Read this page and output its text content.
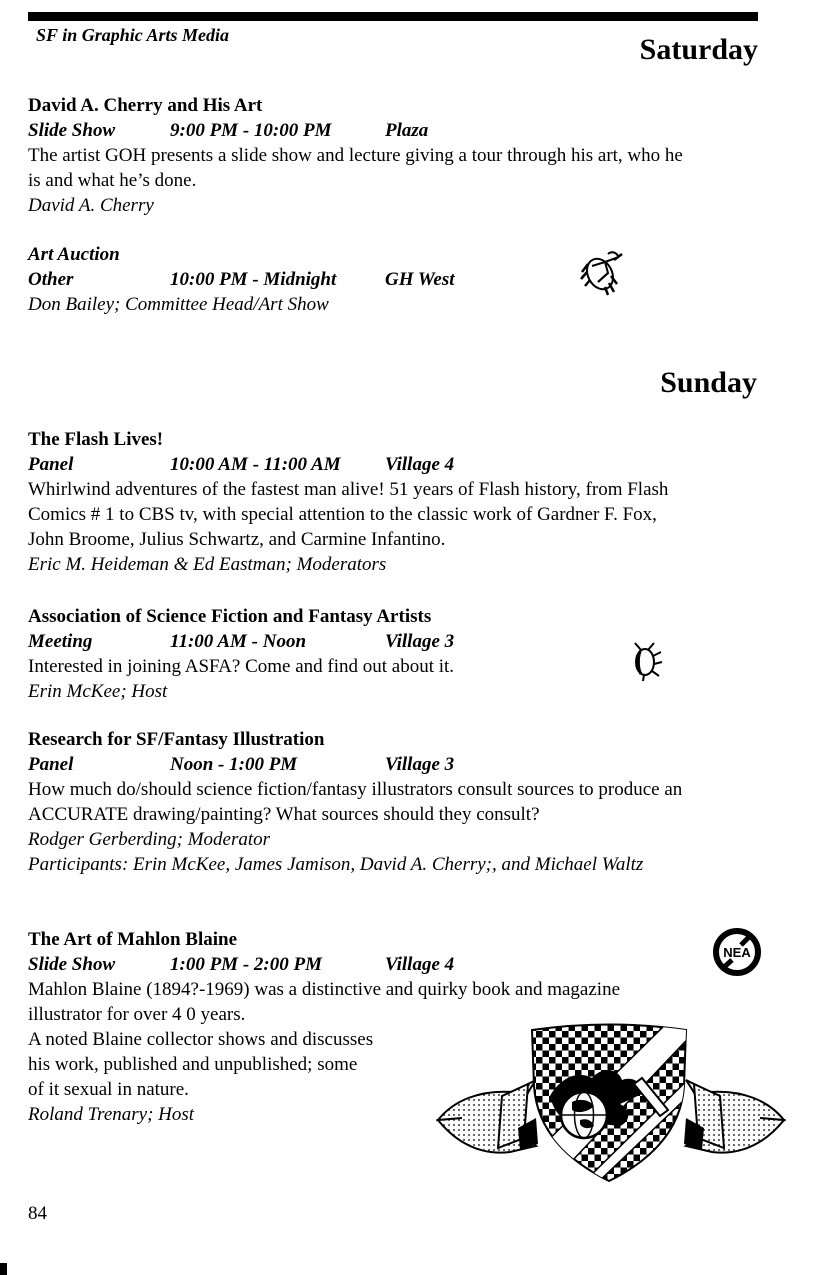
SF in Graphic Arts Media	Saturday
David A. Cherry and His Art
Slide Show	9:00 PM - 10:00 PM	Plaza
The artist GOH presents a slide show and lecture giving a tour through his art, who he
is and what he’s done.
David A. Cherry
Art Auction
Other	10:00 PM - Midnight	GH West
Don Bailey; Committee Head/Art Show
Sunday
The Flash Lives!
Panel	10:00 AM - 11:00 AM Village 4
Whirlwind adventures of the fastest man alive! 51 years of Flash history, from Flash
Comics # 1 to CBS tv, with special attention to the classic work of Gardner F. Fox,
John Broome, Julius Schwartz, and Carmine Infantino.
Eric M. Heideman & Ed Eastman; Moderators
Association of Science Fiction and Fantasy Artists
Meeting	11:00 AM - Noon	Village 3
Interested in joining ASFA? Come and find out about it.
Erin McKee; Host
Research for SF/Fantasy Illustration
Panel	Noon - 1:00 PM	Village 3
How much do/should science fiction/fantasy illustrators consult sources to produce an
ACCURATE drawing/painting? What sources should they consult?
Rodger Gerberding; Moderator
Participants: Erin McKee, James Jamison, David A. Cherry;, and Michael Waltz
The Art of Mahlon Blaine
Slide Show	1:00 PM - 2:00 PM	Village 4
Mahlon Blaine (1894?-1969) was a distinctive and quirky book and magazine
illustrator for over 4 0 years.
A noted Blaine collector shows and discusses
his work, published and unpublished; some
of it sexual in nature.
Roland Trenary; Host
NEA
84
